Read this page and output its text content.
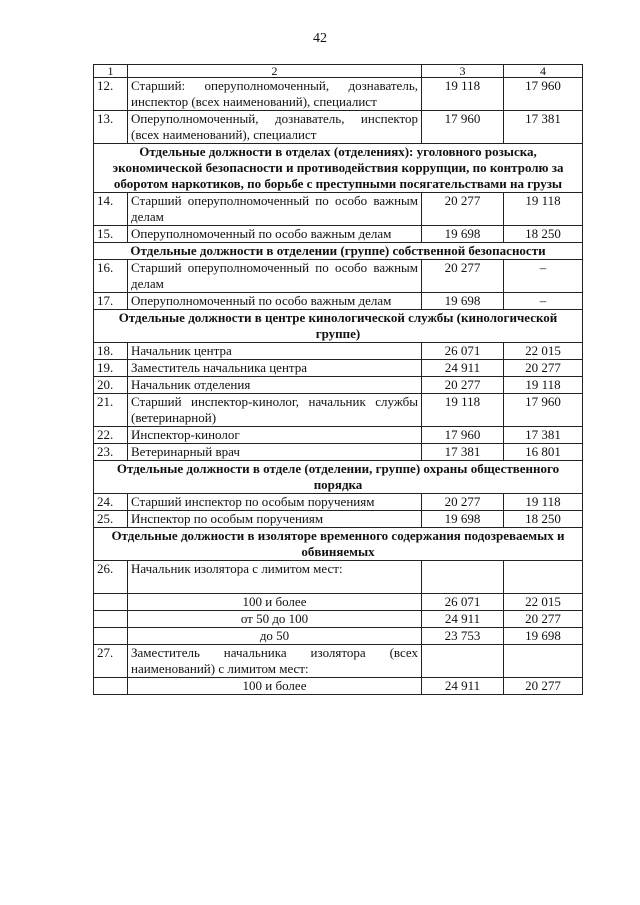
42
1	2	3	4
12.	Старший: оперуполномоченный, дознаватель, инспектор (всех наименований), специалист	19 118	17 960
13.	Оперуполномоченный, дознаватель, инспектор (всех наименований), специалист	17 960	17 381
Отдельные должности в отделах (отделениях): уголовного розыска, экономической безопасности и противодействия коррупции, по контролю за оборотом наркотиков, по борьбе с преступными посягательствами на грузы			
14.	Старший оперуполномоченный по особо важным делам	20 277	19 118
15.	Оперуполномоченный по особо важным делам	19 698	18 250
Отдельные должности в отделении (группе) собственной безопасности			
16.	Старший оперуполномоченный по особо важным делам	20 277	–
17.	Оперуполномоченный по особо важным делам	19 698	–
Отдельные должности в центре кинологической службы (кинологической группе)			
18.	Начальник центра	26 071	22 015
19.	Заместитель начальника центра	24 911	20 277
20.	Начальник отделения	20 277	19 118
21.	Старший инспектор-кинолог, начальник службы (ветеринарной)	19 118	17 960
22.	Инспектор-кинолог	17 960	17 381
23.	Ветеринарный врач	17 381	16 801
Отдельные должности в отделе (отделении, группе) охраны общественного порядка			
24.	Старший инспектор по особым поручениям	20 277	19 118
25.	Инспектор по особым поручениям	19 698	18 250
Отдельные должности в изоляторе временного содержания подозреваемых и обвиняемых			
26.	Начальник изолятора с лимитом мест:		
	100 и более	26 071	22 015
	от 50 до 100	24 911	20 277
	до 50	23 753	19 698
27.	Заместитель начальника изолятора (всех наименований) с лимитом мест:		
	100 и более	24 911	20 277
